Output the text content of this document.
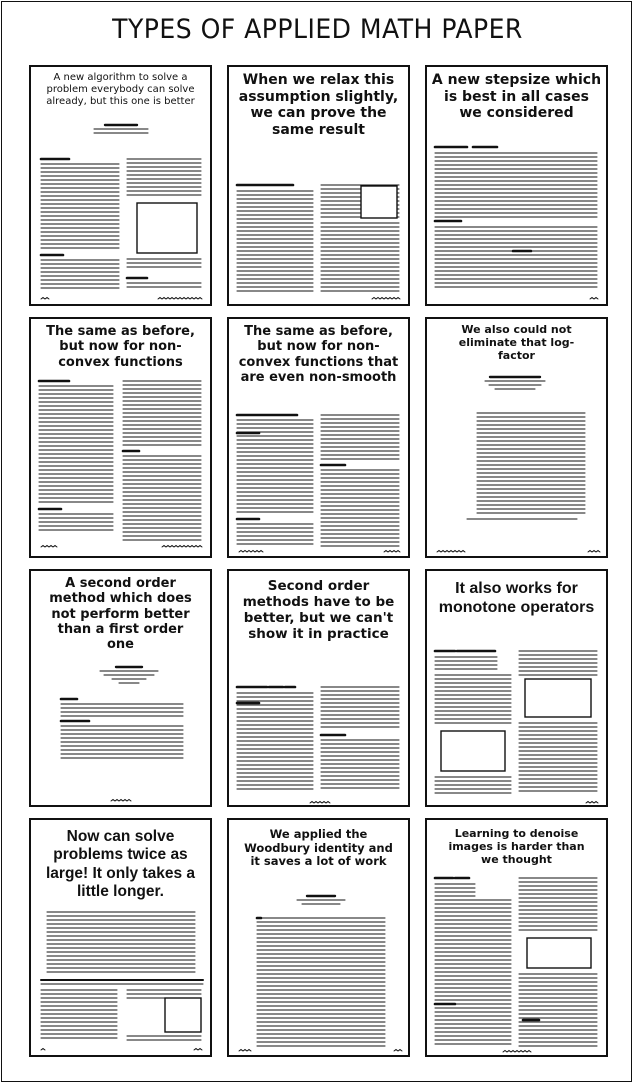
TYPES OF APPLIED MATH PAPER
A new algorithm to solve a problem everybody can solve already, but this one is better
When we relax this assumption slightly, we can prove the same result
A new stepsize which is best in all cases we considered
The same as before, but now for non-convex functions
The same as before, but now for non-convex functions that are even non-smooth
We also could not eliminate that log-factor
A second order method which does not perform better than a first order one
Second order methods have to be better, but we can't show it in practice
It also works for monotone operators
Now can solve problems twice as large! It only takes a little longer.
We applied the Woodbury identity and it saves a lot of work
Learning to denoise images is harder than we thought
